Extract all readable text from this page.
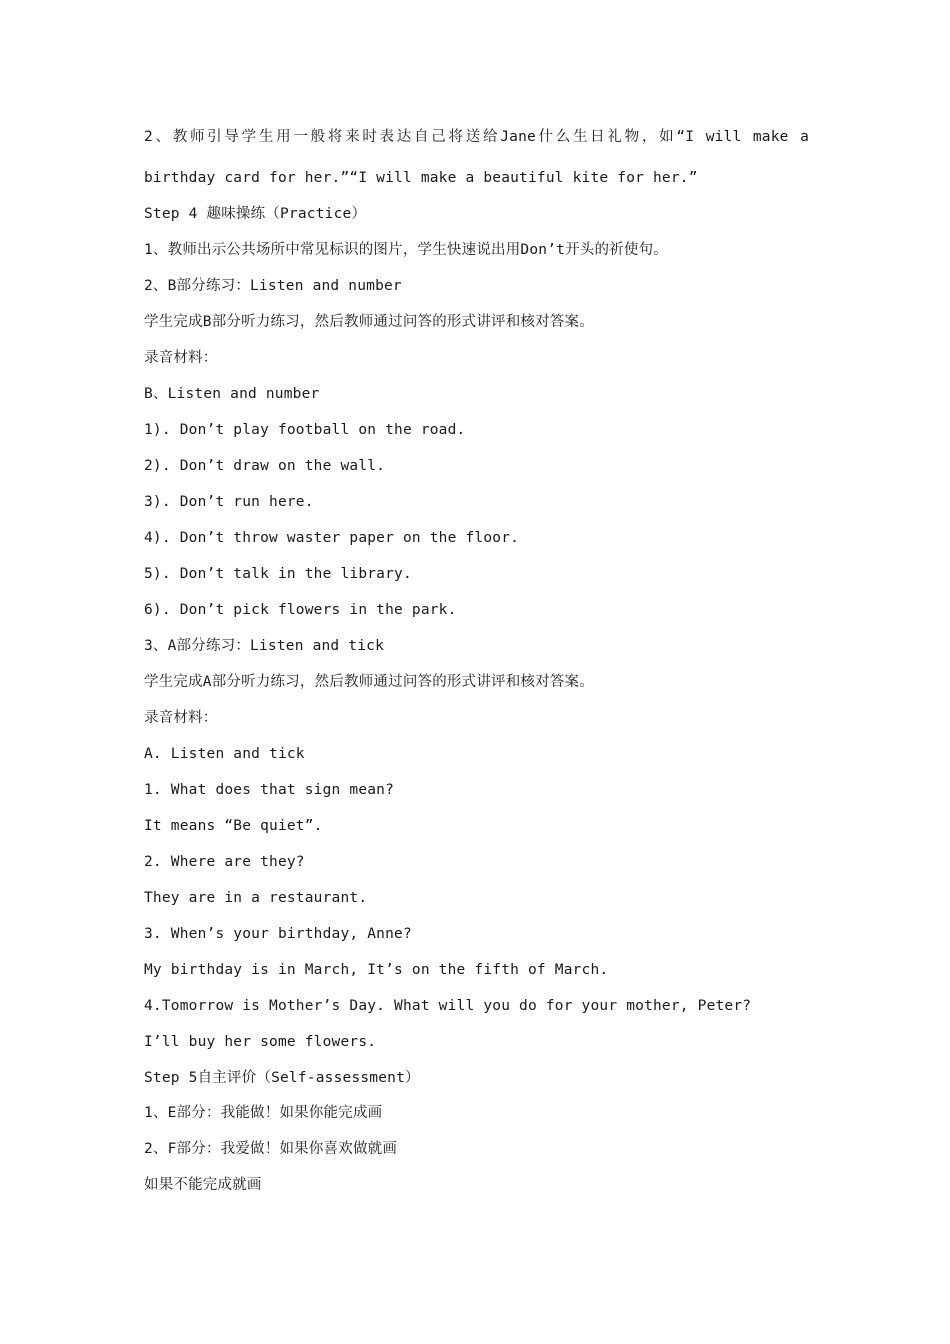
2、教师引导学生用一般将来时表达自己将送给Jane什么生日礼物，如“I will make a
birthday card for her.”“I will make a beautiful kite for her.”
Step 4 趣味操练（Practice）
1、教师出示公共场所中常见标识的图片，学生快速说出用Don’t开头的祈使句。
2、B部分练习：Listen and number
学生完成B部分听力练习，然后教师通过问答的形式讲评和核对答案。
录音材料：
B、Listen and number
1). Don’t play football on the road.
2). Don’t draw on the wall.
3). Don’t run here.
4). Don’t throw waster paper on the floor.
5). Don’t talk in the library.
6). Don’t pick flowers in the park.
3、A部分练习：Listen and tick
学生完成A部分听力练习，然后教师通过问答的形式讲评和核对答案。
录音材料：
A. Listen and tick
1. What does that sign mean?
It means “Be quiet”.
2. Where are they?
They are in a restaurant.
3. When’s your birthday, Anne?
My birthday is in March, It’s on the fifth of March.
4.Tomorrow is Mother’s Day. What will you do for your mother, Peter?
I’ll buy her some flowers.
Step 5自主评价（Self-assessment）
1、E部分：我能做！如果你能完成画
2、F部分：我爱做！如果你喜欢做就画
如果不能完成就画
